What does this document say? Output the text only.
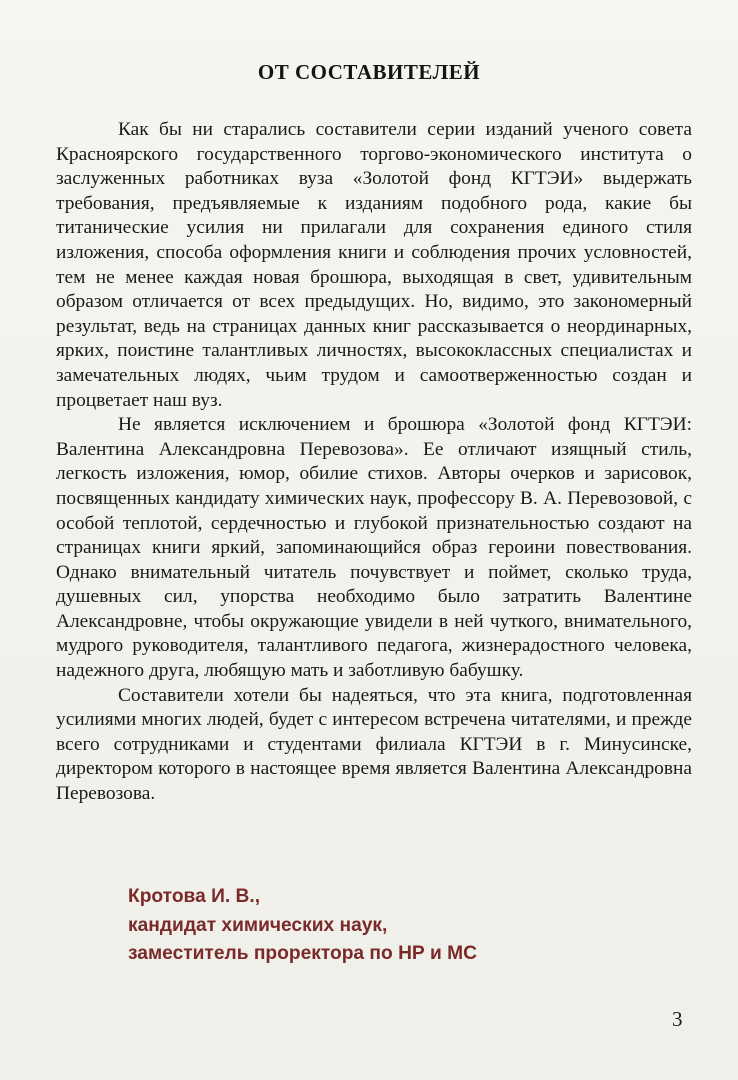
ОТ СОСТАВИТЕЛЕЙ

Как бы ни старались составители серии изданий ученого совета Красноярского государственного торгово-экономического института о заслуженных работниках вуза «Золотой фонд КГТЭИ» выдержать требования, предъявляемые к изданиям подобного рода, какие бы титанические усилия ни прилагали для сохранения единого стиля изложения, способа оформления книги и соблюдения прочих условностей, тем не менее каждая новая брошюра, выходящая в свет, удивительным образом отличается от всех предыдущих. Но, видимо, это закономерный результат, ведь на страницах данных книг рассказывается о неординарных, ярких, поистине талантливых личностях, высококлассных специалистах и замечательных людях, чьим трудом и самоотверженностью создан и процветает наш вуз.

Не является исключением и брошюра «Золотой фонд КГТЭИ: Валентина Александровна Перевозова». Ее отличают изящный стиль, легкость изложения, юмор, обилие стихов. Авторы очерков и зарисовок, посвященных кандидату химических наук, профессору В. А. Перевозовой, с особой теплотой, сердечностью и глубокой признательностью создают на страницах книги яркий, запоминающийся образ героини повествования. Однако внимательный читатель почувствует и поймет, сколько труда, душевных сил, упорства необходимо было затратить Валентине Александровне, чтобы окружающие увидели в ней чуткого, внимательного, мудрого руководителя, талантливого педагога, жизнерадостного человека, надежного друга, любящую мать и заботливую бабушку.

Составители хотели бы надеяться, что эта книга, подготовленная усилиями многих людей, будет с интересом встречена читателями, и прежде всего сотрудниками и студентами филиала КГТЭИ в г. Минусинске, директором которого в настоящее время является Валентина Александровна Перевозова.

Кротова И. В.,
кандидат химических наук,
заместитель проректора по НР и МС
3
